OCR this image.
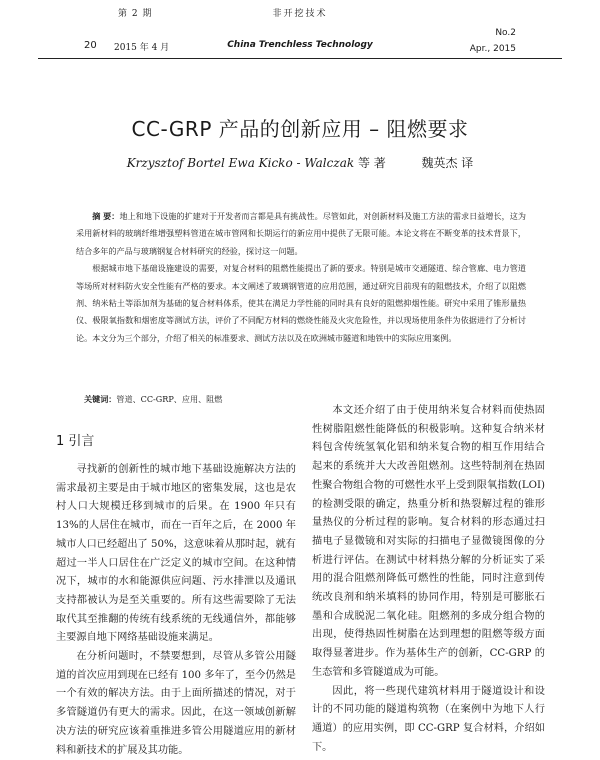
第 2 期
20 2015 年 4 月
非开挖技术
China Trenchless Technology
No.2
Apr., 2015
CC-GRP 产品的创新应用 – 阻燃要求
Krzysztof Bortel Ewa Kicko - Walczak 等 著	魏英杰 译

摘 要：地上和地下设施的扩建对于开发者而言都是具有挑战性。尽管如此，对创新材料及施工方法的需求日益增长，这为采用新材料的玻璃纤维增强塑料管道在城市管网和长期运行的新应用中提供了无限可能。本论文将在不断变革的技术背景下，结合多年的产品与玻璃钢复合材料研究的经验，探讨这一问题。

根据城市地下基础设施建设的需要，对复合材料的阻燃性能提出了新的要求。特别是城市交通隧道、综合管廊、电力管道等场所对材料防火安全性能有严格的要求。本文阐述了玻璃钢管道的应用范围，通过研究目前现有的阻燃技术，介绍了以阻燃剂、纳米粘土等添加剂为基础的复合材料体系，使其在满足力学性能的同时具有良好的阻燃抑烟性能。研究中采用了锥形量热仪、极限氧指数和烟密度等测试方法，评价了不同配方材料的燃烧性能及火灾危险性，并以现场使用条件为依据进行了分析讨论。本文分为三个部分，介绍了相关的标准要求、测试方法以及在欧洲城市隧道和地铁中的实际应用案例。

关键词：管道、CC-GRP、应用、阻燃
1 引言

寻找新的创新性的城市地下基础设施解决方法的需求最初主要是由于城市地区的密集发展，这也是农村人口大规模迁移到城市的后果。在 1900 年只有 13%的人居住在城市，而在一百年之后，在 2000 年城市人口已经超出了 50%，这意味着从那时起，就有超过一半人口居住在广泛定义的城市空间。在这种情况下，城市的水和能源供应问题、污水排泄以及通讯支持都被认为是至关重要的。所有这些需要除了无法取代其至推翻的传统有线系统的无线通信外，都能够主要源自地下网络基础设施来满足。

在分析问题时，不禁要想到，尽管从多管公用隧道的首次应用到现在已经有 100 多年了，至今仍然是一个有效的解决方法。由于上面所描述的情况，对于多管隧道仍有更大的需求。因此，在这一领域创新解决方法的研究应该着重推进多管公用隧道应用的新材料和新技术的扩展及其功能。

本文还介绍了由于使用纳米复合材料而使热固性树脂阻燃性能降低的积极影响。这种复合纳米材料包含传统氢氧化铝和纳米复合物的相互作用结合起来的系统并大大改善阻燃剂。这些特制剂在热固性聚合物组合物的可燃性水平上受到限氧指数(LOI)的检测受限的确定，热重分析和热裂解过程的锥形量热仪的分析过程的影响。复合材料的形态通过扫描电子显微镜和对实际的扫描电子显微镜图像的分析进行评估。在测试中材料热分解的分析证实了采用的混合阻燃剂降低可燃性的性能，同时注意到传统改良剂和纳米填料的协同作用，特别是可膨胀石墨和合成脱泥二氧化硅。阻燃剂的多成分组合物的出现，使得热固性树脂在达到理想的阻燃等级方面取得显著进步。作为基体生产的创新，CC-GRP 的生态管和多管隧道成为可能。

因此，将一些现代建筑材料用于隧道设计和设计的不同功能的隧道构筑物（在案例中为地下人行通道）的应用实例，即 CC-GRP 复合材料，介绍如下。
